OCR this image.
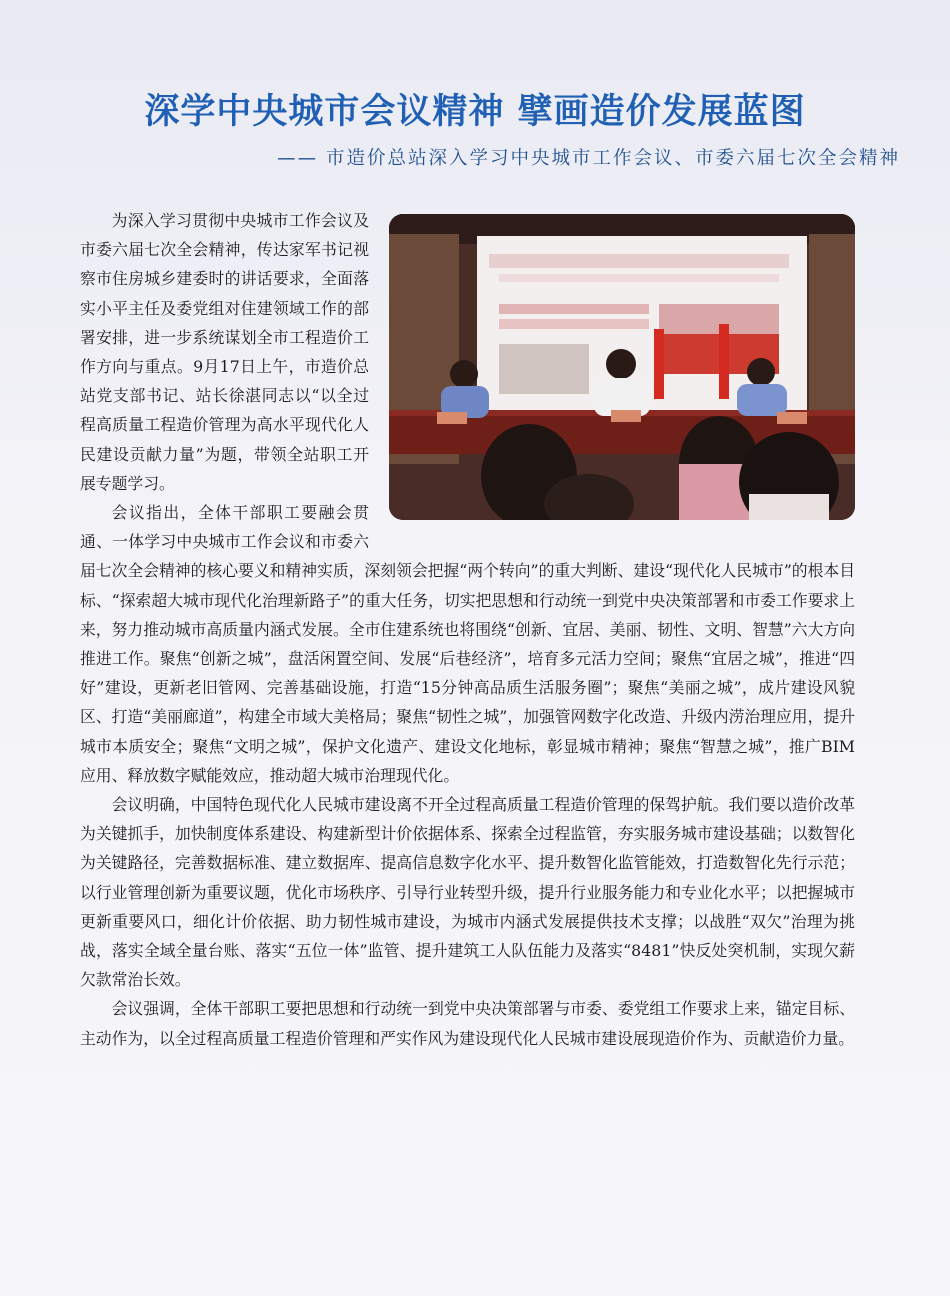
深学中央城市会议精神 擘画造价发展蓝图
—— 市造价总站深入学习中央城市工作会议、市委六届七次全会精神

为深入学习贯彻中央城市工作会议及市委六届七次全会精神，传达家军书记视察市住房城乡建委时的讲话要求，全面落实小平主任及委党组对住建领域工作的部署安排，进一步系统谋划全市工程造价工作方向与重点。9月17日上午，市造价总站党支部书记、站长徐湛同志以“以全过程高质量工程造价管理为高水平现代化人民建设贡献力量”为题，带领全站职工开展专题学习。

会议指出，全体干部职工要融会贯通、一体学习中央城市工作会议和市委六届七次全会精神的核心要义和精神实质，深刻领会把握“两个转向”的重大判断、建设“现代化人民城市”的根本目标、“探索超大城市现代化治理新路子”的重大任务，切实把思想和行动统一到党中央决策部署和市委工作要求上来，努力推动城市高质量内涵式发展。全市住建系统也将围绕“创新、宜居、美丽、韧性、文明、智慧”六大方向推进工作。聚焦“创新之城”，盘活闲置空间、发展“后巷经济”，培育多元活力空间；聚焦“宜居之城”，推进“四好”建设，更新老旧管网、完善基础设施，打造“15分钟高品质生活服务圈”；聚焦“美丽之城”，成片建设风貌区、打造“美丽廊道”，构建全市域大美格局；聚焦“韧性之城”，加强管网数字化改造、升级内涝治理应用，提升城市本质安全；聚焦“文明之城”，保护文化遗产、建设文化地标，彰显城市精神；聚焦“智慧之城”，推广BIM应用、释放数字赋能效应，推动超大城市治理现代化。

会议明确，中国特色现代化人民城市建设离不开全过程高质量工程造价管理的保驾护航。我们要以造价改革为关键抓手，加快制度体系建设、构建新型计价依据体系、探索全过程监管，夯实服务城市建设基础；以数智化为关键路径，完善数据标准、建立数据库、提高信息数字化水平、提升数智化监管能效，打造数智化先行示范；以行业管理创新为重要议题，优化市场秩序、引导行业转型升级，提升行业服务能力和专业化水平；以把握城市更新重要风口，细化计价依据、助力韧性城市建设，为城市内涵式发展提供技术支撑；以战胜“双欠”治理为挑战，落实全域全量台账、落实“五位一体”监管、提升建筑工人队伍能力及落实“8481”快反处突机制，实现欠薪欠款常治长效。

会议强调，全体干部职工要把思想和行动统一到党中央决策部署与市委、委党组工作要求上来，锚定目标、主动作为，以全过程高质量工程造价管理和严实作风为建设现代化人民城市建设展现造价作为、贡献造价力量。
